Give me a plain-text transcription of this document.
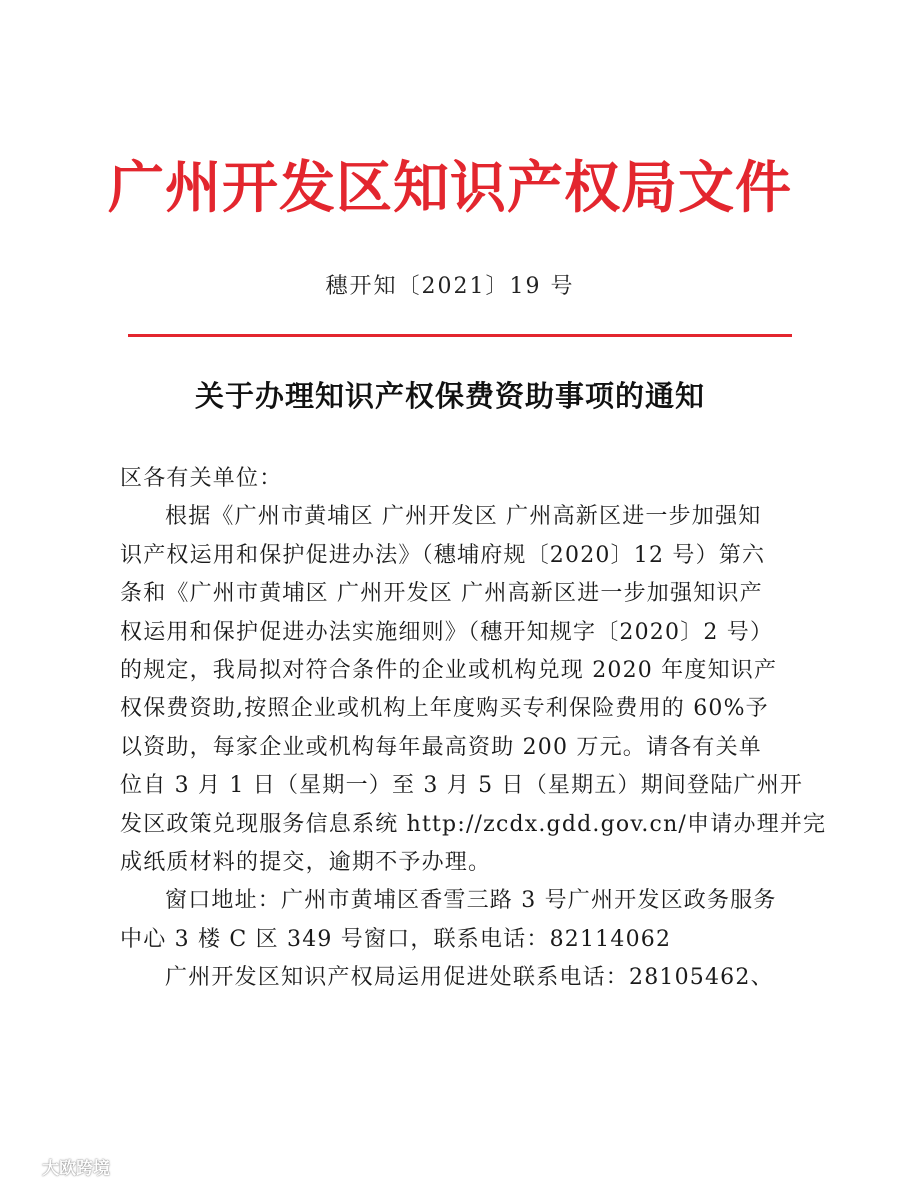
广州开发区知识产权局文件
穗开知〔2021〕19 号
关于办理知识产权保费资助事项的通知

区各有关单位：

根据《广州市黄埔区 广州开发区 广州高新区进一步加强知
识产权运用和保护促进办法》（穗埔府规〔2020〕12 号）第六
条和《广州市黄埔区 广州开发区 广州高新区进一步加强知识产
权运用和保护促进办法实施细则》（穗开知规字〔2020〕2 号）
的规定，我局拟对符合条件的企业或机构兑现 2020 年度知识产
权保费资助,按照企业或机构上年度购买专利保险费用的 60%予
以资助，每家企业或机构每年最高资助 200 万元。请各有关单
位自 3 月 1 日（星期一）至 3 月 5 日（星期五）期间登陆广州开
发区政策兑现服务信息系统 http://zcdx.gdd.gov.cn/申请办理并完
成纸质材料的提交，逾期不予办理。

窗口地址：广州市黄埔区香雪三路 3 号广州开发区政务服务
中心 3 楼 C 区 349 号窗口，联系电话：82114062

广州开发区知识产权局运用促进处联系电话：28105462、

大欧跨境
